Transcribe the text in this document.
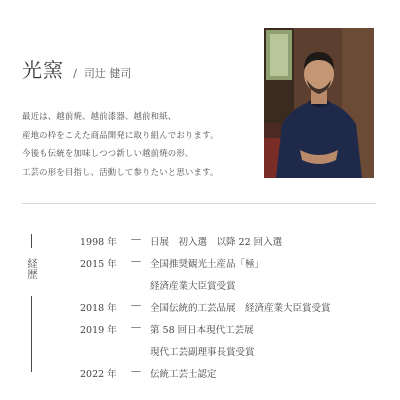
光窯 / 司辻 健司
最近は、越前焼、越前漆器、越前和紙、
産地の枠をこえた商品開発に取り組んでおります。
今後も伝統を加味しつつ新しい越前焼の形、
工芸の形を目指し、活動して参りたいと思います。
経歴
1998 年	― 日展　初入選　以降 22 回入選
2015 年	― 全国推奨観光土産品「極」
経済産業大臣賞受賞
2018 年	― 全国伝統的工芸品展　経済産業大臣賞受賞
2019 年	― 第 58 回日本現代工芸展
現代工芸副理事長賞受賞
2022 年	― 伝統工芸士認定
